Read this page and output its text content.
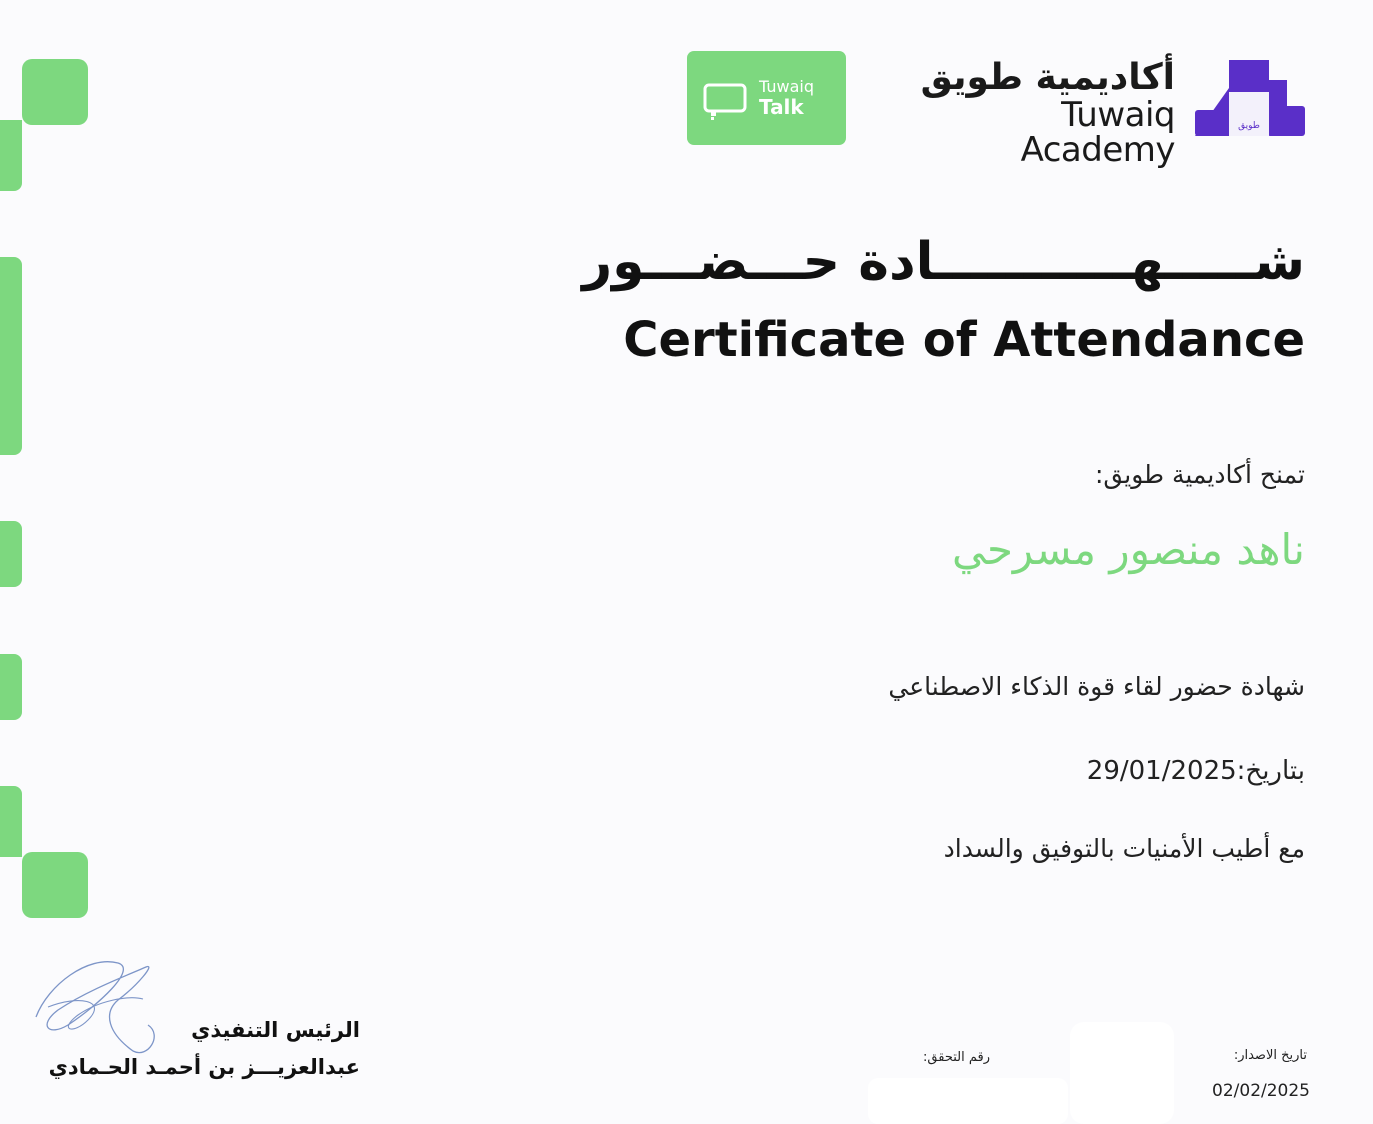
Tuwaiq
Talk
أكاديمية طويق
Tuwaiq Academy
طويق
شـــــهـــــــــــادة حـــضـــور
Certificate of Attendance
تمنح أكاديمية طويق:
ناهد منصور مسرحي
شهادة حضور لقاء قوة الذكاء الاصطناعي
بتاريخ:29/01/2025
مع أطيب الأمنيات بالتوفيق والسداد
الرئيس التنفيذي
عبدالعزيـــز بن أحمـد الحـمادي	رقم التحقق:	تاريخ الاصدار:
02/02/2025
